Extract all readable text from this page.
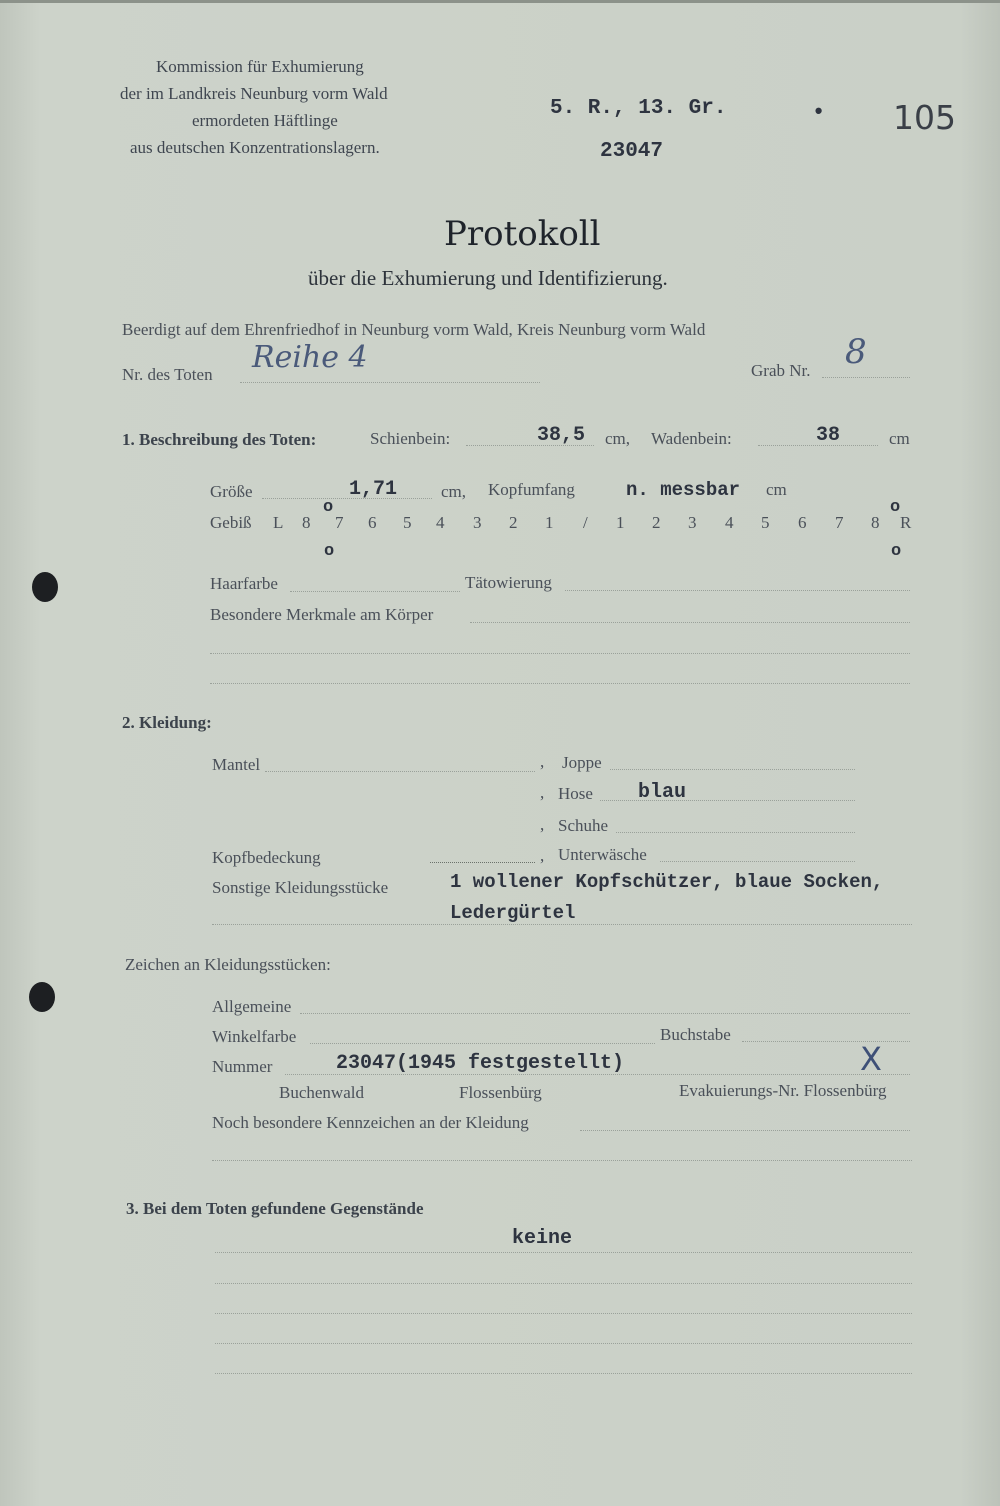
Kommission für Exhumierung
der im Landkreis Neunburg vorm Wald
ermordeten Häftlinge
aus deutschen Konzentrationslagern.
5. R., 13. Gr.
23047
• 105
Protokoll
über die Exhumierung und Identifizierung.
Beerdigt auf dem Ehrenfriedhof in Neunburg vorm Wald, Kreis Neunburg vorm Wald
Nr. des Toten Reihe 4	Grab Nr. 8
1. Beschreibung des Toten:	Schienbein:	38,5 cm, Wadenbein:	38	cm
Größe	1,71	cm, Kopfumfang	n. messbar cm
Gebiß L 8 7 6 5 4 3 2 1 / 1 2 3 4 5 6 7 8 R
o	o
o	o
Haarfarbe	Tätowierung
Besondere Merkmale am Körper
2. Kleidung:
Mantel	, Joppe
, Hose blau
, Schuhe
Kopfbedeckung	, Unterwäsche
Sonstige Kleidungsstücke	1 wollener Kopfschützer, blaue Socken,
Ledergürtel
Zeichen an Kleidungsstücken:
Allgemeine
Winkelfarbe	Buchstabe
Nummer	23047(1945 festgestellt)	X
Buchenwald	Flossenbürg	Evakuierungs-Nr. Flossenbürg
Noch besondere Kennzeichen an der Kleidung
3. Bei dem Toten gefundene Gegenstände
keine
